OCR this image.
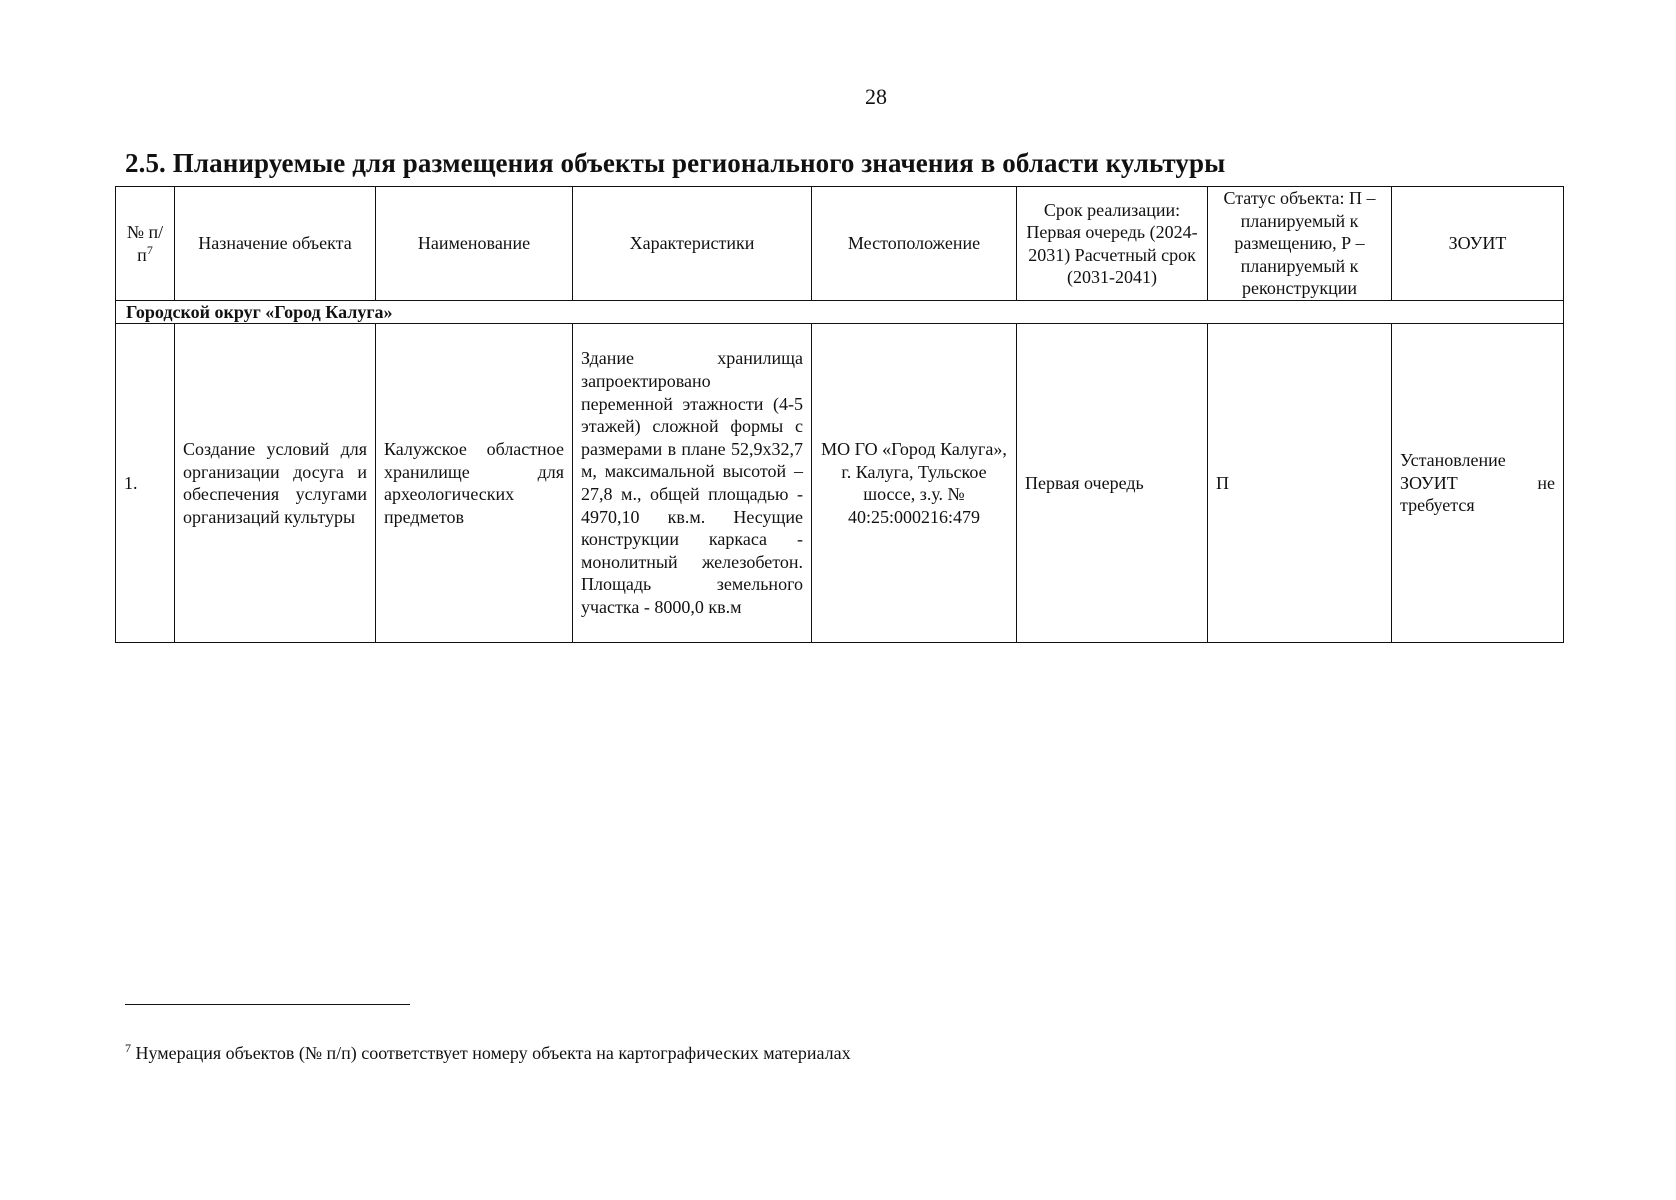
28
2.5. Планируемые для размещения объекты регионального значения в области культуры
№ $п/п^7$	Назначение объекта	Наименование	Характеристики	Местоположение	Срок реализации: Первая очередь (2024-2031) Расчетный срок (2031-2041)	Статус объекта: П – планируемый к размещению, Р – планируемый к реконструкции	ЗОУИТ
Городской округ «Город Калуга»							
1.	Создание условий для организации досуга и обеспечения услугами организаций культуры	Калужское областное хранилище для археологических предметов	Здание хранилища запроектировано переменной этажности (4-5 этажей) сложной формы с размерами в плане 52,9х32,7 м, максимальной высотой – 27,8 м., общей площадью - 4970,10 кв.м. Несущие конструкции каркаса - монолитный железобетон. Площадь земельного участка - 8000,0 кв.м	МО ГО «Город Калуга», г. Калуга, Тульское шоссе, з.у. № 40:25:000216:479	Первая очередь	П	Установление ЗОУИТ не требуется
$^7$ Нумерация объектов (№ п/п) соответствует номеру объекта на картографических материалах
